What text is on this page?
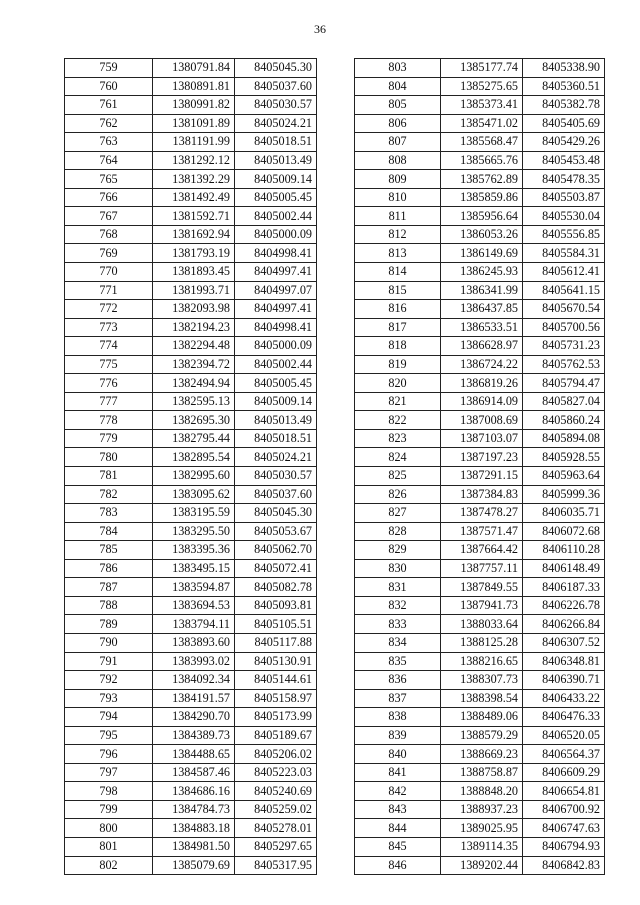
36
759	1380791.84	8405045.30
760	1380891.81	8405037.60
761	1380991.82	8405030.57
762	1381091.89	8405024.21
763	1381191.99	8405018.51
764	1381292.12	8405013.49
765	1381392.29	8405009.14
766	1381492.49	8405005.45
767	1381592.71	8405002.44
768	1381692.94	8405000.09
769	1381793.19	8404998.41
770	1381893.45	8404997.41
771	1381993.71	8404997.07
772	1382093.98	8404997.41
773	1382194.23	8404998.41
774	1382294.48	8405000.09
775	1382394.72	8405002.44
776	1382494.94	8405005.45
777	1382595.13	8405009.14
778	1382695.30	8405013.49
779	1382795.44	8405018.51
780	1382895.54	8405024.21
781	1382995.60	8405030.57
782	1383095.62	8405037.60
783	1383195.59	8405045.30
784	1383295.50	8405053.67
785	1383395.36	8405062.70
786	1383495.15	8405072.41
787	1383594.87	8405082.78
788	1383694.53	8405093.81
789	1383794.11	8405105.51
790	1383893.60	8405117.88
791	1383993.02	8405130.91
792	1384092.34	8405144.61
793	1384191.57	8405158.97
794	1384290.70	8405173.99
795	1384389.73	8405189.67
796	1384488.65	8405206.02
797	1384587.46	8405223.03
798	1384686.16	8405240.69
799	1384784.73	8405259.02
800	1384883.18	8405278.01
801	1384981.50	8405297.65
802	1385079.69	8405317.95
803	1385177.74	8405338.90
804	1385275.65	8405360.51
805	1385373.41	8405382.78
806	1385471.02	8405405.69
807	1385568.47	8405429.26
808	1385665.76	8405453.48
809	1385762.89	8405478.35
810	1385859.86	8405503.87
811	1385956.64	8405530.04
812	1386053.26	8405556.85
813	1386149.69	8405584.31
814	1386245.93	8405612.41
815	1386341.99	8405641.15
816	1386437.85	8405670.54
817	1386533.51	8405700.56
818	1386628.97	8405731.23
819	1386724.22	8405762.53
820	1386819.26	8405794.47
821	1386914.09	8405827.04
822	1387008.69	8405860.24
823	1387103.07	8405894.08
824	1387197.23	8405928.55
825	1387291.15	8405963.64
826	1387384.83	8405999.36
827	1387478.27	8406035.71
828	1387571.47	8406072.68
829	1387664.42	8406110.28
830	1387757.11	8406148.49
831	1387849.55	8406187.33
832	1387941.73	8406226.78
833	1388033.64	8406266.84
834	1388125.28	8406307.52
835	1388216.65	8406348.81
836	1388307.73	8406390.71
837	1388398.54	8406433.22
838	1388489.06	8406476.33
839	1388579.29	8406520.05
840	1388669.23	8406564.37
841	1388758.87	8406609.29
842	1388848.20	8406654.81
843	1388937.23	8406700.92
844	1389025.95	8406747.63
845	1389114.35	8406794.93
846	1389202.44	8406842.83
